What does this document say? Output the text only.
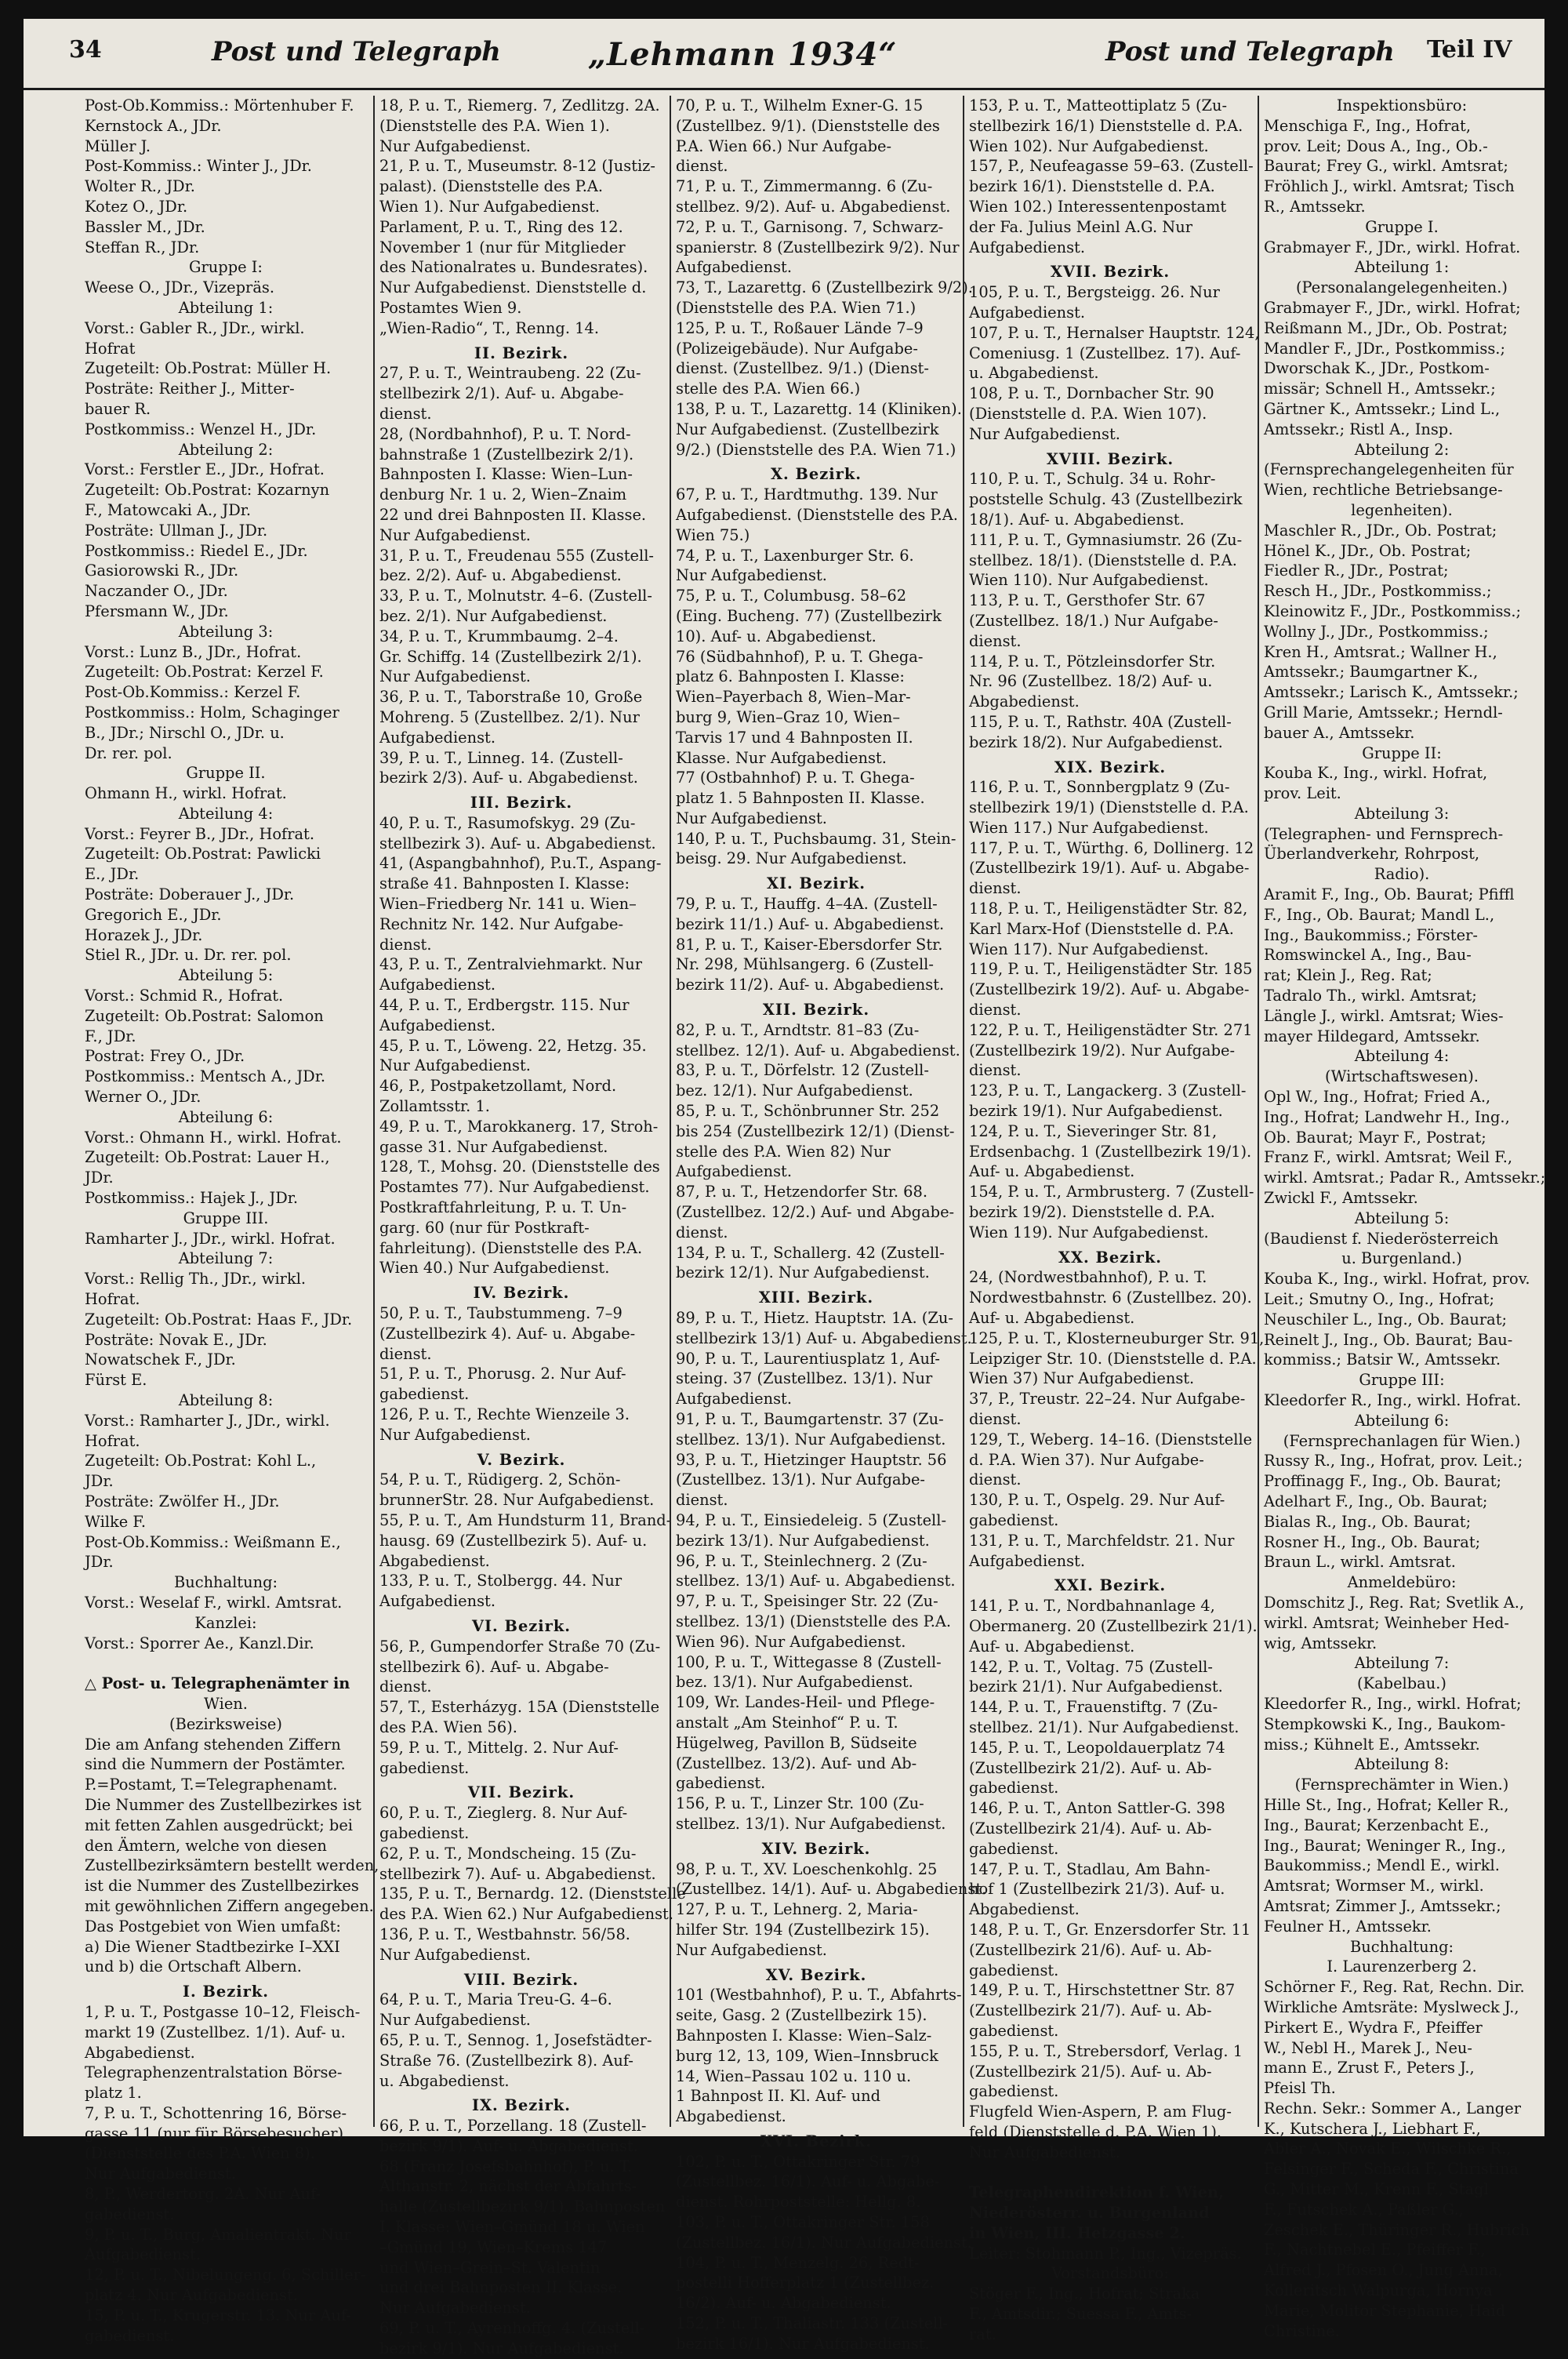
34	Post und Telegraph	„Lehmann 1934“	Post und Telegraph Teil IV
Post-Ob.Kommiss.: Mörtenhuber F.
Kernstock A., JDr.
Müller J.
Post-Kommiss.: Winter J., JDr.
Wolter R., JDr.
Kotez O., JDr.
Bassler M., JDr.
Steffan R., JDr.
Gruppe I:
Weese O., JDr., Vizepräs.
Abteilung 1:
Vorst.: Gabler R., JDr., wirkl.
Hofrat
Zugeteilt: Ob.Postrat: Müller H.
Posträte: Reither J., Mitter-
bauer R.
Postkommiss.: Wenzel H., JDr.
Abteilung 2:
Vorst.: Ferstler E., JDr., Hofrat.
Zugeteilt: Ob.Postrat: Kozarnyn
F., Matowcaki A., JDr.
Posträte: Ullman J., JDr.
Postkommiss.: Riedel E., JDr.
Gasiorowski R., JDr.
Naczander O., JDr.
Pfersmann W., JDr.
Abteilung 3:
Vorst.: Lunz B., JDr., Hofrat.
Zugeteilt: Ob.Postrat: Kerzel F.
Post-Ob.Kommiss.: Kerzel F.
Postkommiss.: Holm, Schaginger
B., JDr.; Nirschl O., JDr. u.
Dr. rer. pol.
Gruppe II.
Ohmann H., wirkl. Hofrat.
Abteilung 4:
Vorst.: Feyrer B., JDr., Hofrat.
Zugeteilt: Ob.Postrat: Pawlicki
E., JDr.
Posträte: Doberauer J., JDr.
Gregorich E., JDr.
Horazek J., JDr.
Stiel R., JDr. u. Dr. rer. pol.
Abteilung 5:
Vorst.: Schmid R., Hofrat.
Zugeteilt: Ob.Postrat: Salomon
F., JDr.
Postrat: Frey O., JDr.
Postkommiss.: Mentsch A., JDr.
Werner O., JDr.
Abteilung 6:
Vorst.: Ohmann H., wirkl. Hofrat.
Zugeteilt: Ob.Postrat: Lauer H.,
JDr.
Postkommiss.: Hajek J., JDr.
Gruppe III.
Ramharter J., JDr., wirkl. Hofrat.
Abteilung 7:
Vorst.: Rellig Th., JDr., wirkl.
Hofrat.
Zugeteilt: Ob.Postrat: Haas F., JDr.
Posträte: Novak E., JDr.
Nowatschek F., JDr.
Fürst E.
Abteilung 8:
Vorst.: Ramharter J., JDr., wirkl.
Hofrat.
Zugeteilt: Ob.Postrat: Kohl L.,
JDr.
Posträte: Zwölfer H., JDr.
Wilke F.
Post-Ob.Kommiss.: Weißmann E.,
JDr.
Buchhaltung:
Vorst.: Weselaf F., wirkl. Amtsrat.
Kanzlei:
Vorst.: Sporrer Ae., Kanzl.Dir.

△ Post- u. Telegraphenämter in
Wien.
(Bezirksweise)
Die am Anfang stehenden Ziffern
sind die Nummern der Postämter.
P.=Postamt, T.=Telegraphenamt.
Die Nummer des Zustellbezirkes ist
mit fetten Zahlen ausgedrückt; bei
den Ämtern, welche von diesen
Zustellbezirksämtern bestellt werden,
ist die Nummer des Zustellbezirkes
mit gewöhnlichen Ziffern angegeben.
Das Postgebiet von Wien umfaßt:
a) Die Wiener Stadtbezirke I–XXI
und b) die Ortschaft Albern.
I. Bezirk.
1, P. u. T., Postgasse 10–12, Fleisch-
markt 19 (Zustellbez. 1/1). Auf- u.
Abgabedienst.
Telegraphenzentralstation Börse-
platz 1.
7, P. u. T., Schottenring 16, Börse-
gasse 11 (nur für Börsebesucher).
(Dienststelle des P.A. Wien 8).
Nur Aufgabedienst.
8, P., Werdertorg. 2A. Nur Auf-
gabedienst.
9, P. u. T., Burg, Amalientrakt. Nur
Aufgabedienst.
12, P. u. T., Nibelungeng. 6, Schiller-
platz 4. Nur Aufgabedienst.
15, P. u. T., Krugerstr. 13. Nur Auf-
gabedienst.
18, P. u. T., Riemerg. 7, Zedlitzg. 2A.
(Dienststelle des P.A. Wien 1).
Nur Aufgabedienst.
21, P. u. T., Museumstr. 8-12 (Justiz-
palast). (Dienststelle des P.A.
Wien 1). Nur Aufgabedienst.
Parlament, P. u. T., Ring des 12.
November 1 (nur für Mitglieder
des Nationalrates u. Bundesrates).
Nur Aufgabedienst. Dienststelle d.
Postamtes Wien 9.
„Wien-Radio“, T., Renng. 14.
II. Bezirk.
27, P. u. T., Weintraubeng. 22 (Zu-
stellbezirk 2/1). Auf- u. Abgabe-
dienst.
28, (Nordbahnhof), P. u. T. Nord-
bahnstraße 1 (Zustellbezirk 2/1).
Bahnposten I. Klasse: Wien–Lun-
denburg Nr. 1 u. 2, Wien–Znaim
22 und drei Bahnposten II. Klasse.
Nur Aufgabedienst.
31, P. u. T., Freudenau 555 (Zustell-
bez. 2/2). Auf- u. Abgabedienst.
33, P. u. T., Molnutstr. 4–6. (Zustell-
bez. 2/1). Nur Aufgabedienst.
34, P. u. T., Krummbaumg. 2–4.
Gr. Schiffg. 14 (Zustellbezirk 2/1).
Nur Aufgabedienst.
36, P. u. T., Taborstraße 10, Große
Mohreng. 5 (Zustellbez. 2/1). Nur
Aufgabedienst.
39, P. u. T., Linneg. 14. (Zustell-
bezirk 2/3). Auf- u. Abgabedienst.
III. Bezirk.
40, P. u. T., Rasumofskyg. 29 (Zu-
stellbezirk 3). Auf- u. Abgabedienst.
41, (Aspangbahnhof), P.u.T., Aspang-
straße 41. Bahnposten I. Klasse:
Wien–Friedberg Nr. 141 u. Wien–
Rechnitz Nr. 142. Nur Aufgabe-
dienst.
43, P. u. T., Zentralviehmarkt. Nur
Aufgabedienst.
44, P. u. T., Erdbergstr. 115. Nur
Aufgabedienst.
45, P. u. T., Löweng. 22, Hetzg. 35.
Nur Aufgabedienst.
46, P., Postpaketzollamt, Nord.
Zollamtsstr. 1.
49, P. u. T., Marokkanerg. 17, Stroh-
gasse 31. Nur Aufgabedienst.
128, T., Mohsg. 20. (Dienststelle des
Postamtes 77). Nur Aufgabedienst.
Postkraftfahrleitung, P. u. T. Un-
garg. 60 (nur für Postkraft-
fahrleitung). (Dienststelle des P.A.
Wien 40.) Nur Aufgabedienst.
IV. Bezirk.
50, P. u. T., Taubstummeng. 7–9
(Zustellbezirk 4). Auf- u. Abgabe-
dienst.
51, P. u. T., Phorusg. 2. Nur Auf-
gabedienst.
126, P. u. T., Rechte Wienzeile 3.
Nur Aufgabedienst.
V. Bezirk.
54, P. u. T., Rüdigerg. 2, Schön-
brunnerStr. 28. Nur Aufgabedienst.
55, P. u. T., Am Hundsturm 11, Brand-
hausg. 69 (Zustellbezirk 5). Auf- u.
Abgabedienst.
133, P. u. T., Stolbergg. 44. Nur
Aufgabedienst.
VI. Bezirk.
56, P., Gumpendorfer Straße 70 (Zu-
stellbezirk 6). Auf- u. Abgabe-
dienst.
57, T., Esterházyg. 15A (Dienststelle
des P.A. Wien 56).
59, P. u. T., Mittelg. 2. Nur Auf-
gabedienst.
VII. Bezirk.
60, P. u. T., Zieglerg. 8. Nur Auf-
gabedienst.
62, P. u. T., Mondscheing. 15 (Zu-
stellbezirk 7). Auf- u. Abgabedienst.
135, P. u. T., Bernardg. 12. (Dienststelle
des P.A. Wien 62.) Nur Aufgabedienst.
136, P. u. T., Westbahnstr. 56/58.
Nur Aufgabedienst.
VIII. Bezirk.
64, P. u. T., Maria Treu-G. 4–6.
Nur Aufgabedienst.
65, P. u. T., Sennog. 1, Josefstädter-
Straße 76. (Zustellbezirk 8). Auf-
u. Abgabedienst.
IX. Bezirk.
66, P. u. T., Porzellang. 18 (Zustell-
bezirk 9/1). Auf- u. Abgabedienst.
68 (Franz Josefsbahnhof), P. u. T.
Althanstr. 2, nächst der Abfahrts-
halle (Zustellbezirk 9/1). Bahnposten
I. Klasse: Wien–Gmünd 18 u. Wien
–Gmünd 19, Wien–Krems 147
und Wien–Grein–St. Valentin
und drei Bahnposten II. Klasse.
Nur Aufgabedienst.
69, P. u. T., Ayrenhoffg. 4. (Zustell-
bezirk 9/1). Nur Aufgabedienst.
70, P. u. T., Wilhelm Exner-G. 15
(Zustellbez. 9/1). (Dienststelle des
P.A. Wien 66.) Nur Aufgabe-
dienst.
71, P. u. T., Zimmermanng. 6 (Zu-
stellbez. 9/2). Auf- u. Abgabedienst.
72, P. u. T., Garnisong. 7, Schwarz-
spanierstr. 8 (Zustellbezirk 9/2). Nur
Aufgabedienst.
73, T., Lazarettg. 6 (Zustellbezirk 9/2).
(Dienststelle des P.A. Wien 71.)
125, P. u. T., Roßauer Lände 7–9
(Polizeigebäude). Nur Aufgabe-
dienst. (Zustellbez. 9/1.) (Dienst-
stelle des P.A. Wien 66.)
138, P. u. T., Lazarettg. 14 (Kliniken).
Nur Aufgabedienst. (Zustellbezirk
9/2.) (Dienststelle des P.A. Wien 71.)
X. Bezirk.
67, P. u. T., Hardtmuthg. 139. Nur
Aufgabedienst. (Dienststelle des P.A.
Wien 75.)
74, P. u. T., Laxenburger Str. 6.
Nur Aufgabedienst.
75, P. u. T., Columbusg. 58–62
(Eing. Bucheng. 77) (Zustellbezirk
10). Auf- u. Abgabedienst.
76 (Südbahnhof), P. u. T. Ghega-
platz 6. Bahnposten I. Klasse:
Wien–Payerbach 8, Wien–Mar-
burg 9, Wien–Graz 10, Wien–
Tarvis 17 und 4 Bahnposten II.
Klasse. Nur Aufgabedienst.
77 (Ostbahnhof) P. u. T. Ghega-
platz 1. 5 Bahnposten II. Klasse.
Nur Aufgabedienst.
140, P. u. T., Puchsbaumg. 31, Stein-
beisg. 29. Nur Aufgabedienst.
XI. Bezirk.
79, P. u. T., Hauffg. 4–4A. (Zustell-
bezirk 11/1.) Auf- u. Abgabedienst.
81, P. u. T., Kaiser-Ebersdorfer Str.
Nr. 298, Mühlsangerg. 6 (Zustell-
bezirk 11/2). Auf- u. Abgabedienst.
XII. Bezirk.
82, P. u. T., Arndtstr. 81–83 (Zu-
stellbez. 12/1). Auf- u. Abgabedienst.
83, P. u. T., Dörfelstr. 12 (Zustell-
bez. 12/1). Nur Aufgabedienst.
85, P. u. T., Schönbrunner Str. 252
bis 254 (Zustellbezirk 12/1) (Dienst-
stelle des P.A. Wien 82) Nur
Aufgabedienst.
87, P. u. T., Hetzendorfer Str. 68.
(Zustellbez. 12/2.) Auf- und Abgabe-
dienst.
134, P. u. T., Schallerg. 42 (Zustell-
bezirk 12/1). Nur Aufgabedienst.
XIII. Bezirk.
89, P. u. T., Hietz. Hauptstr. 1A. (Zu-
stellbezirk 13/1) Auf- u. Abgabedienst.
90, P. u. T., Laurentiusplatz 1, Auf-
steing. 37 (Zustellbez. 13/1). Nur
Aufgabedienst.
91, P. u. T., Baumgartenstr. 37 (Zu-
stellbez. 13/1). Nur Aufgabedienst.
93, P. u. T., Hietzinger Hauptstr. 56
(Zustellbez. 13/1). Nur Aufgabe-
dienst.
94, P. u. T., Einsiedeleig. 5 (Zustell-
bezirk 13/1). Nur Aufgabedienst.
96, P. u. T., Steinlechnerg. 2 (Zu-
stellbez. 13/1) Auf- u. Abgabedienst.
97, P. u. T., Speisinger Str. 22 (Zu-
stellbez. 13/1) (Dienststelle des P.A.
Wien 96). Nur Aufgabedienst.
100, P. u. T., Wittegasse 8 (Zustell-
bez. 13/1). Nur Aufgabedienst.
109, Wr. Landes-Heil- und Pflege-
anstalt „Am Steinhof“ P. u. T.
Hügelweg, Pavillon B, Südseite
(Zustellbez. 13/2). Auf- und Ab-
gabedienst.
156, P. u. T., Linzer Str. 100 (Zu-
stellbez. 13/1). Nur Aufgabedienst.
XIV. Bezirk.
98, P. u. T., XV. Loeschenkohlg. 25
(Zustellbez. 14/1). Auf- u. Abgabedienst.
127, P. u. T., Lehnerg. 2, Maria-
hilfer Str. 194 (Zustellbezirk 15).
Nur Aufgabedienst.
XV. Bezirk.
101 (Westbahnhof), P. u. T., Abfahrts-
seite, Gasg. 2 (Zustellbezirk 15).
Bahnposten I. Klasse: Wien–Salz-
burg 12, 13, 109, Wien–Innsbruck
14, Wien–Passau 102 u. 110 u.
1 Bahnpost II. Kl. Auf- und
Abgabedienst.
XVI. Bezirk.
102, P. u. T., Ottakringer Str. 79
(Zustellbez. 16/1). Auf- u. Abgabe-
dienst. Rohrpoststelle: Hellg. 8.
103, P. u. T., Ottakringer Str. 158
(Zustellbez. 16/1). Nur Aufgabedienst.
104, P. u. T., Menzelg. 26, Redt-
postelli Hofferplatz 1 (Zustellbez.
16/2). Auf- u. Abgabedienst.
152, P. u. T., Thaliastr. 133 (Zustell-
bezirk 16/1). Nur Aufgabedienst.
153, P. u. T., Matteottiplatz 5 (Zu-
stellbezirk 16/1) Dienststelle d. P.A.
Wien 102). Nur Aufgabedienst.
157, P., Neufeagasse 59–63. (Zustell-
bezirk 16/1). Dienststelle d. P.A.
Wien 102.) Interessentenpostamt
der Fa. Julius Meinl A.G. Nur
Aufgabedienst.
XVII. Bezirk.
105, P. u. T., Bergsteigg. 26. Nur
Aufgabedienst.
107, P. u. T., Hernalser Hauptstr. 124,
Comeniusg. 1 (Zustellbez. 17). Auf-
u. Abgabedienst.
108, P. u. T., Dornbacher Str. 90
(Dienststelle d. P.A. Wien 107).
Nur Aufgabedienst.
XVIII. Bezirk.
110, P. u. T., Schulg. 34 u. Rohr-
poststelle Schulg. 43 (Zustellbezirk
18/1). Auf- u. Abgabedienst.
111, P. u. T., Gymnasiumstr. 26 (Zu-
stellbez. 18/1). (Dienststelle d. P.A.
Wien 110). Nur Aufgabedienst.
113, P. u. T., Gersthofer Str. 67
(Zustellbez. 18/1.) Nur Aufgabe-
dienst.
114, P. u. T., Pötzleinsdorfer Str.
Nr. 96 (Zustellbez. 18/2) Auf- u.
Abgabedienst.
115, P. u. T., Rathstr. 40A (Zustell-
bezirk 18/2). Nur Aufgabedienst.
XIX. Bezirk.
116, P. u. T., Sonnbergplatz 9 (Zu-
stellbezirk 19/1) (Dienststelle d. P.A.
Wien 117.) Nur Aufgabedienst.
117, P. u. T., Würthg. 6, Dollinerg. 12
(Zustellbezirk 19/1). Auf- u. Abgabe-
dienst.
118, P. u. T., Heiligenstädter Str. 82,
Karl Marx-Hof (Dienststelle d. P.A.
Wien 117). Nur Aufgabedienst.
119, P. u. T., Heiligenstädter Str. 185
(Zustellbezirk 19/2). Auf- u. Abgabe-
dienst.
122, P. u. T., Heiligenstädter Str. 271
(Zustellbezirk 19/2). Nur Aufgabe-
dienst.
123, P. u. T., Langackerg. 3 (Zustell-
bezirk 19/1). Nur Aufgabedienst.
124, P. u. T., Sieveringer Str. 81,
Erdsenbachg. 1 (Zustellbezirk 19/1).
Auf- u. Abgabedienst.
154, P. u. T., Armbrusterg. 7 (Zustell-
bezirk 19/2). Dienststelle d. P.A.
Wien 119). Nur Aufgabedienst.
XX. Bezirk.
24, (Nordwestbahnhof), P. u. T.
Nordwestbahnstr. 6 (Zustellbez. 20).
Auf- u. Abgabedienst.
125, P. u. T., Klosterneuburger Str. 91,
Leipziger Str. 10. (Dienststelle d. P.A.
Wien 37) Nur Aufgabedienst.
37, P., Treustr. 22–24. Nur Aufgabe-
dienst.
129, T., Weberg. 14–16. (Dienststelle
d. P.A. Wien 37). Nur Aufgabe-
dienst.
130, P. u. T., Ospelg. 29. Nur Auf-
gabedienst.
131, P. u. T., Marchfeldstr. 21. Nur
Aufgabedienst.
XXI. Bezirk.
141, P. u. T., Nordbahnanlage 4,
Obermanerg. 20 (Zustellbezirk 21/1).
Auf- u. Abgabedienst.
142, P. u. T., Voltag. 75 (Zustell-
bezirk 21/1). Nur Aufgabedienst.
144, P. u. T., Frauenstiftg. 7 (Zu-
stellbez. 21/1). Nur Aufgabedienst.
145, P. u. T., Leopoldauerplatz 74
(Zustellbezirk 21/2). Auf- u. Ab-
gabedienst.
146, P. u. T., Anton Sattler-G. 398
(Zustellbezirk 21/4). Auf- u. Ab-
gabedienst.
147, P. u. T., Stadlau, Am Bahn-
hof 1 (Zustellbezirk 21/3). Auf- u.
Abgabedienst.
148, P. u. T., Gr. Enzersdorfer Str. 11
(Zustellbezirk 21/6). Auf- u. Ab-
gabedienst.
149, P. u. T., Hirschstettner Str. 87
(Zustellbezirk 21/7). Auf- u. Ab-
gabedienst.
155, P. u. T., Strebersdorf, Verlag. 1
(Zustellbezirk 21/5). Auf- u. Ab-
gabedienst.
Flugfeld Wien-Aspern, P. am Flug-
feld (Dienststelle d. P.A. Wien 1).
Nur Aufgabedienst.

Telegraphendirektion f. Wien,
Niederösterr. u. Burgenland
in Wien, III. Hetzgasse 2.
Leiter: Stohmann P., Ing., Vizepräs.
Vorstandsbüro:
Stöger F., Ing., Hofrat; Straka
F., Amtsdir.; Suessa F., Amts-
rat.
Inspektionsbüro:
Menschiga F., Ing., Hofrat,
prov. Leit; Dous A., Ing., Ob.-
Baurat; Frey G., wirkl. Amtsrat;
Fröhlich J., wirkl. Amtsrat; Tisch
R., Amtssekr.
Gruppe I.
Grabmayer F., JDr., wirkl. Hofrat.
Abteilung 1:
(Personalangelegenheiten.)
Grabmayer F., JDr., wirkl. Hofrat;
Reißmann M., JDr., Ob. Postrat;
Mandler F., JDr., Postkommiss.;
Dworschak K., JDr., Postkom-
missär; Schnell H., Amtssekr.;
Gärtner K., Amtssekr.; Lind L.,
Amtssekr.; Ristl A., Insp.
Abteilung 2:
(Fernsprechangelegenheiten für
Wien, rechtliche Betriebsange-
legenheiten).
Maschler R., JDr., Ob. Postrat;
Hönel K., JDr., Ob. Postrat;
Fiedler R., JDr., Postrat;
Resch H., JDr., Postkommiss.;
Kleinowitz F., JDr., Postkommiss.;
Wollny J., JDr., Postkommiss.;
Kren H., Amtsrat.; Wallner H.,
Amtssekr.; Baumgartner K.,
Amtssekr.; Larisch K., Amtssekr.;
Grill Marie, Amtssekr.; Herndl-
bauer A., Amtssekr.
Gruppe II:
Kouba K., Ing., wirkl. Hofrat,
prov. Leit.
Abteilung 3:
(Telegraphen- und Fernsprech-
Überlandverkehr, Rohrpost,
Radio).
Aramit F., Ing., Ob. Baurat; Pfiffl
F., Ing., Ob. Baurat; Mandl L.,
Ing., Baukommiss.; Förster-
Romswinckel A., Ing., Bau-
rat; Klein J., Reg. Rat;
Tadralo Th., wirkl. Amtsrat;
Längle J., wirkl. Amtsrat; Wies-
mayer Hildegard, Amtssekr.
Abteilung 4:
(Wirtschaftswesen).
Opl W., Ing., Hofrat; Fried A.,
Ing., Hofrat; Landwehr H., Ing.,
Ob. Baurat; Mayr F., Postrat;
Franz F., wirkl. Amtsrat; Weil F.,
wirkl. Amtsrat.; Padar R., Amtssekr.;
Zwickl F., Amtssekr.
Abteilung 5:
(Baudienst f. Niederösterreich
u. Burgenland.)
Kouba K., Ing., wirkl. Hofrat, prov.
Leit.; Smutny O., Ing., Hofrat;
Neuschiler L., Ing., Ob. Baurat;
Reinelt J., Ing., Ob. Baurat; Bau-
kommiss.; Batsir W., Amtssekr.
Gruppe III:
Kleedorfer R., Ing., wirkl. Hofrat.
Abteilung 6:
(Fernsprechanlagen für Wien.)
Russy R., Ing., Hofrat, prov. Leit.;
Proffinagg F., Ing., Ob. Baurat;
Adelhart F., Ing., Ob. Baurat;
Bialas R., Ing., Ob. Baurat;
Rosner H., Ing., Ob. Baurat;
Braun L., wirkl. Amtsrat.
Anmeldebüro:
Domschitz J., Reg. Rat; Svetlik A.,
wirkl. Amtsrat; Weinheber Hed-
wig, Amtssekr.
Abteilung 7:
(Kabelbau.)
Kleedorfer R., Ing., wirkl. Hofrat;
Stempkowski K., Ing., Baukom-
miss.; Kühnelt E., Amtssekr.
Abteilung 8:
(Fernsprechämter in Wien.)
Hille St., Ing., Hofrat; Keller R.,
Ing., Baurat; Kerzenbacht E.,
Ing., Baurat; Weninger R., Ing.,
Baukommiss.; Mendl E., wirkl.
Amtsrat; Wormser M., wirkl.
Amtsrat; Zimmer J., Amtssekr.;
Feulner H., Amtssekr.
Buchhaltung:
I. Laurenzerberg 2.
Schörner F., Reg. Rat, Rechn. Dir.
Wirkliche Amtsräte: Myslweck J.,
Pirkert E., Wydra F., Pfeiffer
W., Nebl H., Marek J., Neu-
mann E., Zrust F., Peters J.,
Pfeisl Th.
Rechn. Sekr.: Sommer A., Langer
K., Kutschera J., Liebhart F.,
Abler A., Novak E., Wilschke R.,
Felsinger F., Scheda F., Christina
G., Mitter M., Krenn F., Stagl
F., Futschek A., Paßler G.,
Zeschek E., Thüringer R., Hubrich
F., Nachtnebel E., Pfeiffer F.,
Alfred J., Pfosen O., Jung Anna,
Kolleritsch Walpurga, Hornya
Marie, Molitor Stephanie, Haid
Christine.
